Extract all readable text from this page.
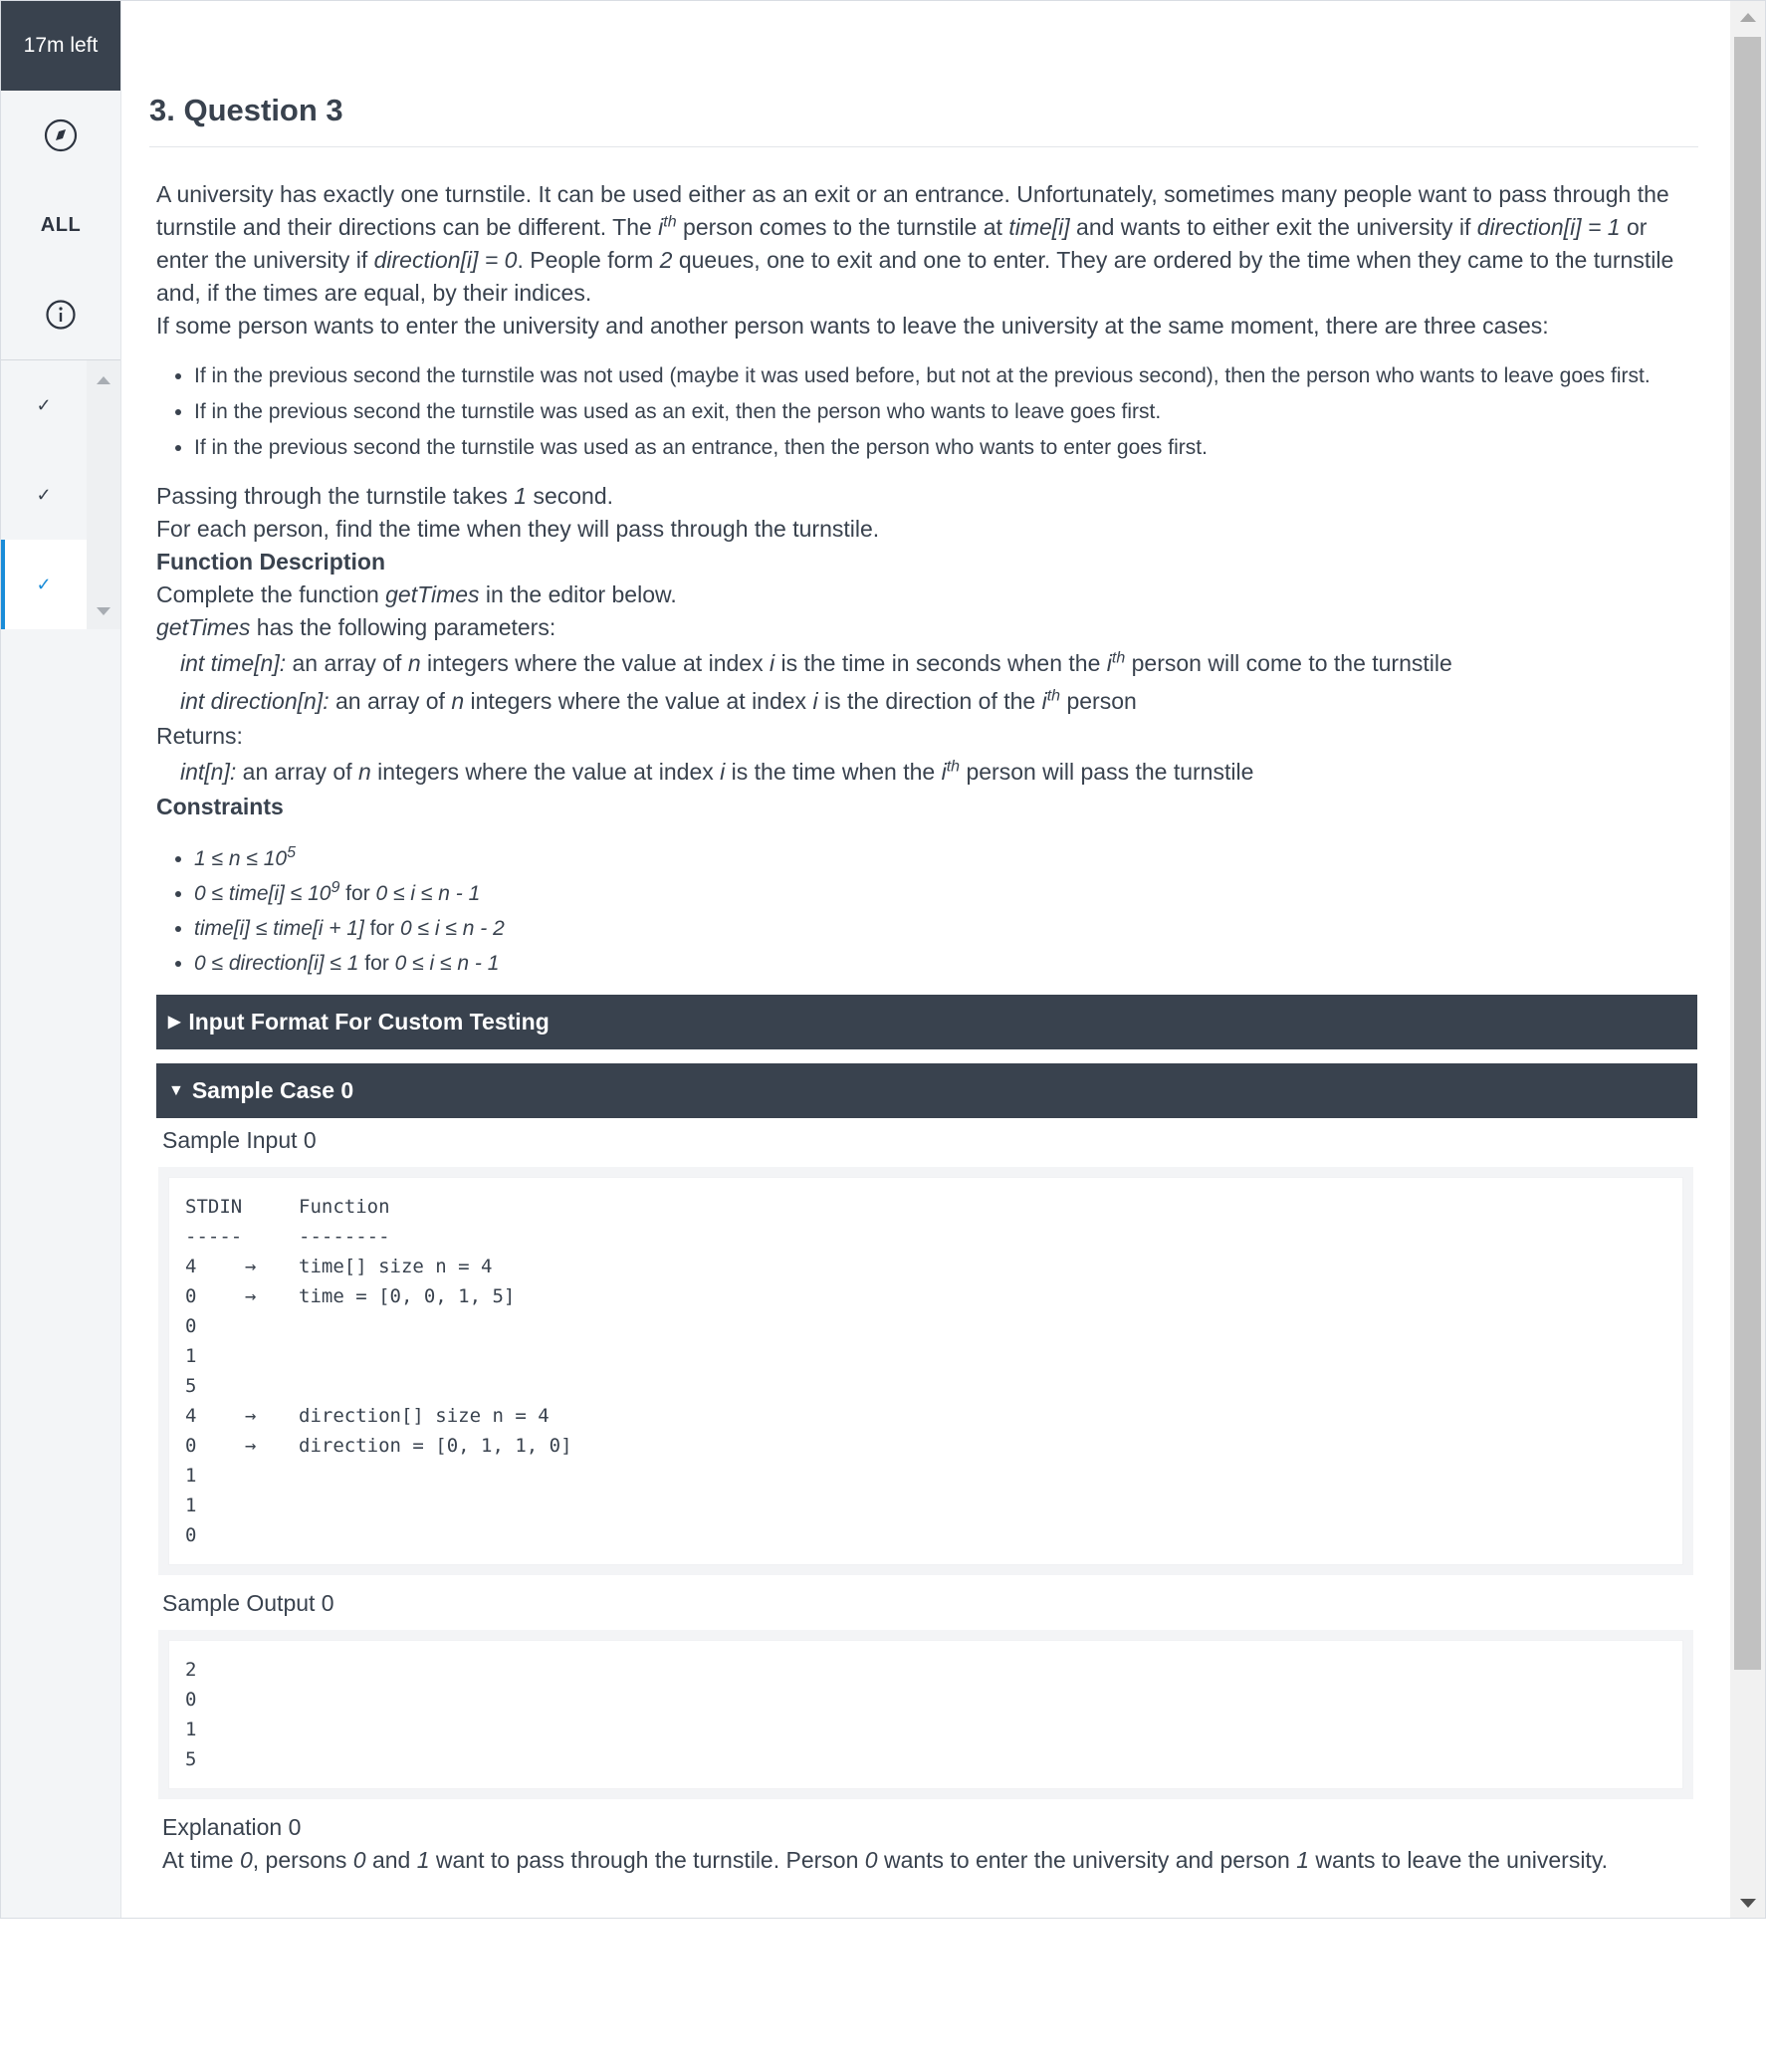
17m left
ALL
✓
✓
✓
3. Question 3

A university has exactly one turnstile. It can be used either as an exit or an entrance. Unfortunately, sometimes many people want to pass through the turnstile and their directions can be different. The $i^{th}$ person comes to the turnstile at time[i] and wants to either exit the university if direction[i] = 1 or enter the university if direction[i] = 0. People form 2 queues, one to exit and one to enter. They are ordered by the time when they came to the turnstile and, if the times are equal, by their indices.

If some person wants to enter the university and another person wants to leave the university at the same moment, there are three cases:

• If in the previous second the turnstile was not used (maybe it was used before, but not at the previous second), then the person who wants to leave goes first.
• If in the previous second the turnstile was used as an exit, then the person who wants to leave goes first.
• If in the previous second the turnstile was used as an entrance, then the person who wants to enter goes first.

Passing through the turnstile takes 1 second.

For each person, find the time when they will pass through the turnstile.

Function Description

Complete the function getTimes in the editor below.

getTimes has the following parameters:

int time[n]: an array of n integers where the value at index i is the time in seconds when the $i^{th}$ person will come to the turnstile

int direction[n]: an array of n integers where the value at index i is the direction of the $i^{th}$ person

Returns:

int[n]: an array of n integers where the value at index i is the time when the $i^{th}$ person will pass the turnstile

Constraints

• $1 \le n \le 10^5$
• 0 ≤ time[i] ≤ $10^9$ for 0 ≤ i ≤ n - 1
• time[i] ≤ time[i + 1] for 0 ≤ i ≤ n - 2
• 0 ≤ direction[i] ≤ 1 for 0 ≤ i ≤ n - 1
▶ Input Format For Custom Testing
▼ Sample Case 0

Sample Input 0

STDIN	Function
-----	--------
4	→	time[] size n = 4
0	→	time = [0, 0, 1, 5]
0
1
5
4	→	direction[] size n = 4
0	→	direction = [0, 1, 1, 0]
1
1
0

Sample Output 0

2
0
1
5

Explanation 0

At time 0, persons 0 and 1 want to pass through the turnstile. Person 0 wants to enter the university and person 1 wants to leave the university.
